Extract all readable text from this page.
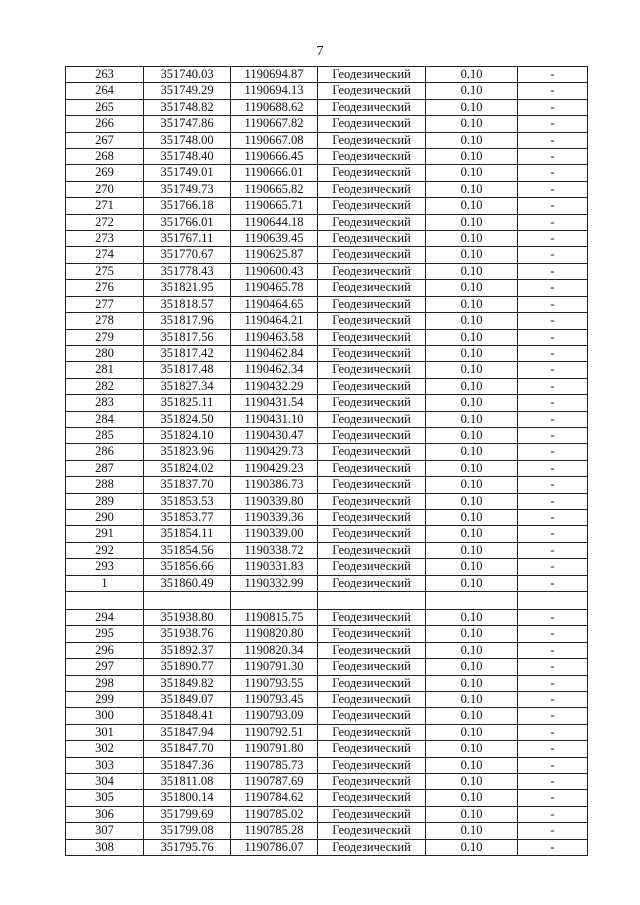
7
263	351740.03	1190694.87	Геодезический	0.10	-
264	351749.29	1190694.13	Геодезический	0.10	-
265	351748.82	1190688.62	Геодезический	0.10	-
266	351747.86	1190667.82	Геодезический	0.10	-
267	351748.00	1190667.08	Геодезический	0.10	-
268	351748.40	1190666.45	Геодезический	0.10	-
269	351749.01	1190666.01	Геодезический	0.10	-
270	351749.73	1190665.82	Геодезический	0.10	-
271	351766.18	1190665.71	Геодезический	0.10	-
272	351766.01	1190644.18	Геодезический	0.10	-
273	351767.11	1190639.45	Геодезический	0.10	-
274	351770.67	1190625.87	Геодезический	0.10	-
275	351778.43	1190600.43	Геодезический	0.10	-
276	351821.95	1190465.78	Геодезический	0.10	-
277	351818.57	1190464.65	Геодезический	0.10	-
278	351817.96	1190464.21	Геодезический	0.10	-
279	351817.56	1190463.58	Геодезический	0.10	-
280	351817.42	1190462.84	Геодезический	0.10	-
281	351817.48	1190462.34	Геодезический	0.10	-
282	351827.34	1190432.29	Геодезический	0.10	-
283	351825.11	1190431.54	Геодезический	0.10	-
284	351824.50	1190431.10	Геодезический	0.10	-
285	351824.10	1190430.47	Геодезический	0.10	-
286	351823.96	1190429.73	Геодезический	0.10	-
287	351824.02	1190429.23	Геодезический	0.10	-
288	351837.70	1190386.73	Геодезический	0.10	-
289	351853.53	1190339.80	Геодезический	0.10	-
290	351853.77	1190339.36	Геодезический	0.10	-
291	351854.11	1190339.00	Геодезический	0.10	-
292	351854.56	1190338.72	Геодезический	0.10	-
293	351856.66	1190331.83	Геодезический	0.10	-
1	351860.49	1190332.99	Геодезический	0.10	-

294	351938.80	1190815.75	Геодезический	0.10	-
295	351938.76	1190820.80	Геодезический	0.10	-
296	351892.37	1190820.34	Геодезический	0.10	-
297	351890.77	1190791.30	Геодезический	0.10	-
298	351849.82	1190793.55	Геодезический	0.10	-
299	351849.07	1190793.45	Геодезический	0.10	-
300	351848.41	1190793.09	Геодезический	0.10	-
301	351847.94	1190792.51	Геодезический	0.10	-
302	351847.70	1190791.80	Геодезический	0.10	-
303	351847.36	1190785.73	Геодезический	0.10	-
304	351811.08	1190787.69	Геодезический	0.10	-
305	351800.14	1190784.62	Геодезический	0.10	-
306	351799.69	1190785.02	Геодезический	0.10	-
307	351799.08	1190785.28	Геодезический	0.10	-
308	351795.76	1190786.07	Геодезический	0.10	-
